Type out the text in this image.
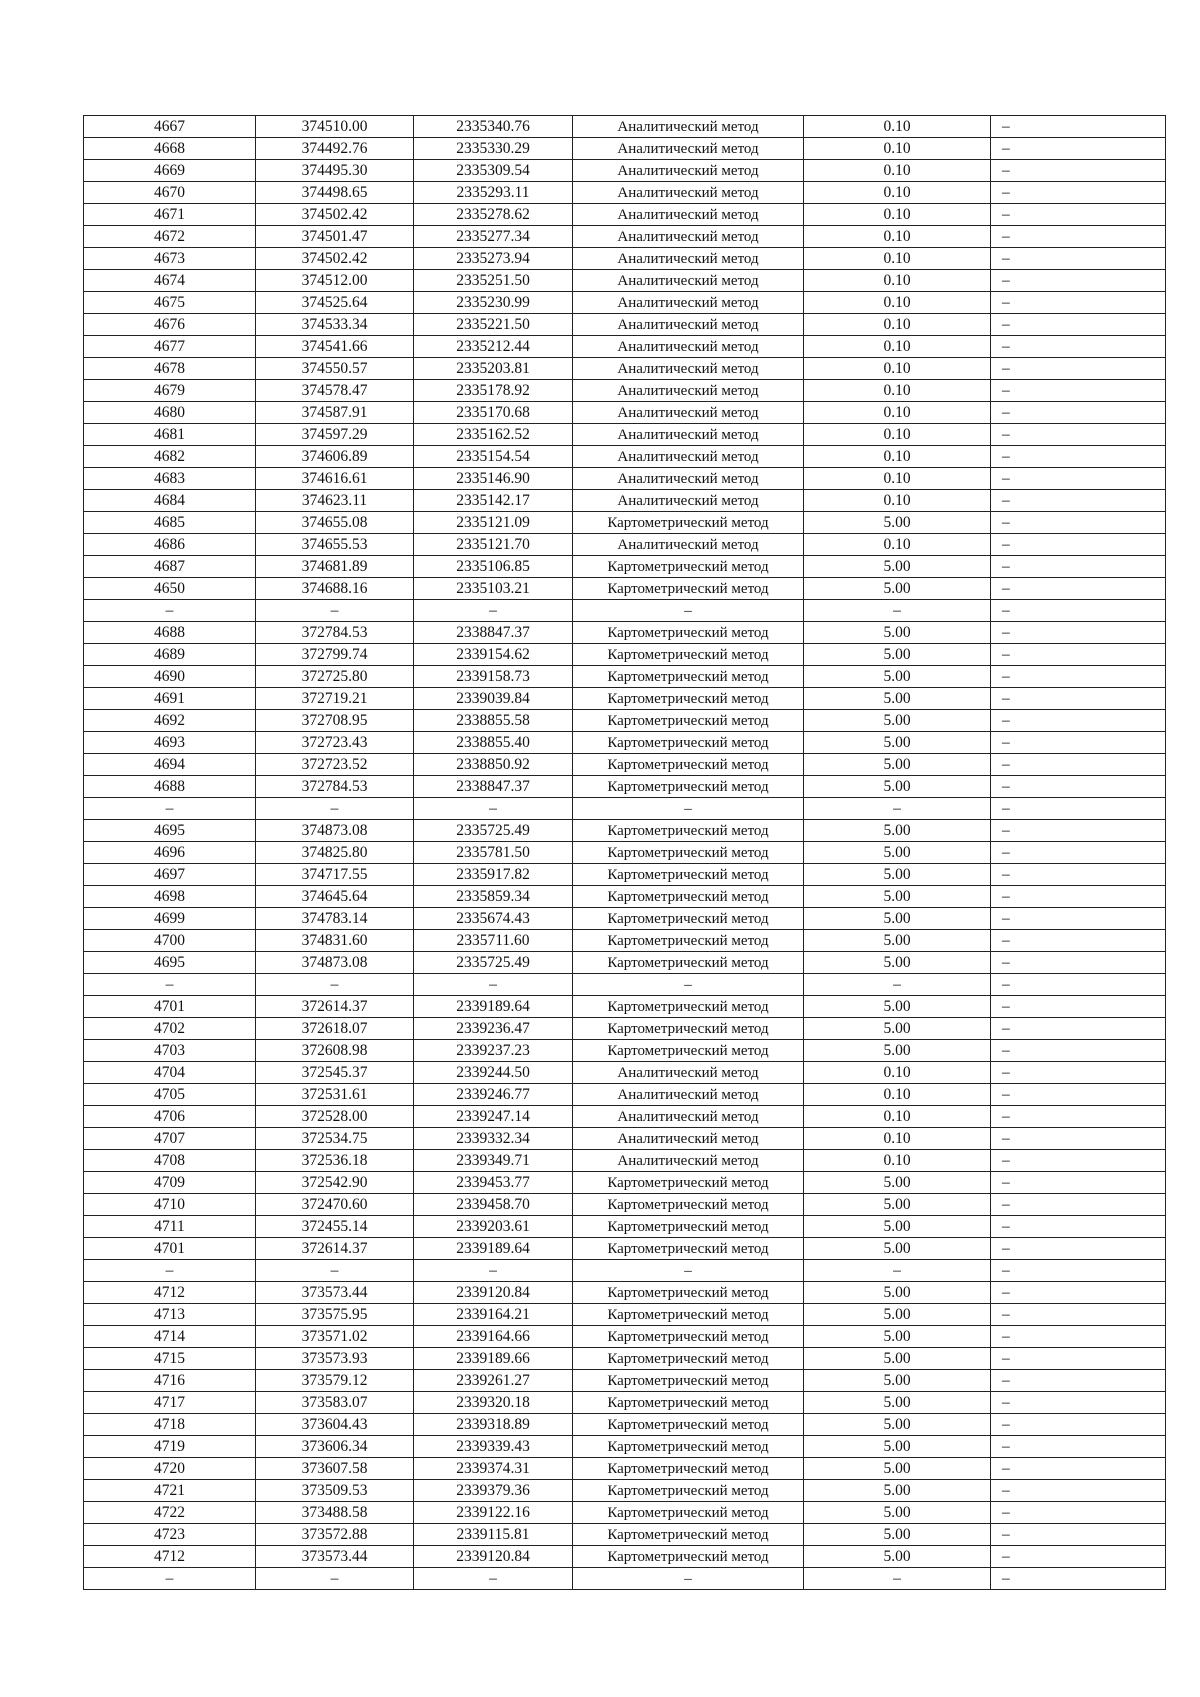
4667	374510.00	2335340.76	Аналитический метод	0.10	–
4668	374492.76	2335330.29	Аналитический метод	0.10	–
4669	374495.30	2335309.54	Аналитический метод	0.10	–
4670	374498.65	2335293.11	Аналитический метод	0.10	–
4671	374502.42	2335278.62	Аналитический метод	0.10	–
4672	374501.47	2335277.34	Аналитический метод	0.10	–
4673	374502.42	2335273.94	Аналитический метод	0.10	–
4674	374512.00	2335251.50	Аналитический метод	0.10	–
4675	374525.64	2335230.99	Аналитический метод	0.10	–
4676	374533.34	2335221.50	Аналитический метод	0.10	–
4677	374541.66	2335212.44	Аналитический метод	0.10	–
4678	374550.57	2335203.81	Аналитический метод	0.10	–
4679	374578.47	2335178.92	Аналитический метод	0.10	–
4680	374587.91	2335170.68	Аналитический метод	0.10	–
4681	374597.29	2335162.52	Аналитический метод	0.10	–
4682	374606.89	2335154.54	Аналитический метод	0.10	–
4683	374616.61	2335146.90	Аналитический метод	0.10	–
4684	374623.11	2335142.17	Аналитический метод	0.10	–
4685	374655.08	2335121.09	Картометрический метод	5.00	–
4686	374655.53	2335121.70	Аналитический метод	0.10	–
4687	374681.89	2335106.85	Картометрический метод	5.00	–
4650	374688.16	2335103.21	Картометрический метод	5.00	–
–	–	–	–	–	–
4688	372784.53	2338847.37	Картометрический метод	5.00	–
4689	372799.74	2339154.62	Картометрический метод	5.00	–
4690	372725.80	2339158.73	Картометрический метод	5.00	–
4691	372719.21	2339039.84	Картометрический метод	5.00	–
4692	372708.95	2338855.58	Картометрический метод	5.00	–
4693	372723.43	2338855.40	Картометрический метод	5.00	–
4694	372723.52	2338850.92	Картометрический метод	5.00	–
4688	372784.53	2338847.37	Картометрический метод	5.00	–
–	–	–	–	–	–
4695	374873.08	2335725.49	Картометрический метод	5.00	–
4696	374825.80	2335781.50	Картометрический метод	5.00	–
4697	374717.55	2335917.82	Картометрический метод	5.00	–
4698	374645.64	2335859.34	Картометрический метод	5.00	–
4699	374783.14	2335674.43	Картометрический метод	5.00	–
4700	374831.60	2335711.60	Картометрический метод	5.00	–
4695	374873.08	2335725.49	Картометрический метод	5.00	–
–	–	–	–	–	–
4701	372614.37	2339189.64	Картометрический метод	5.00	–
4702	372618.07	2339236.47	Картометрический метод	5.00	–
4703	372608.98	2339237.23	Картометрический метод	5.00	–
4704	372545.37	2339244.50	Аналитический метод	0.10	–
4705	372531.61	2339246.77	Аналитический метод	0.10	–
4706	372528.00	2339247.14	Аналитический метод	0.10	–
4707	372534.75	2339332.34	Аналитический метод	0.10	–
4708	372536.18	2339349.71	Аналитический метод	0.10	–
4709	372542.90	2339453.77	Картометрический метод	5.00	–
4710	372470.60	2339458.70	Картометрический метод	5.00	–
4711	372455.14	2339203.61	Картометрический метод	5.00	–
4701	372614.37	2339189.64	Картометрический метод	5.00	–
–	–	–	–	–	–
4712	373573.44	2339120.84	Картометрический метод	5.00	–
4713	373575.95	2339164.21	Картометрический метод	5.00	–
4714	373571.02	2339164.66	Картометрический метод	5.00	–
4715	373573.93	2339189.66	Картометрический метод	5.00	–
4716	373579.12	2339261.27	Картометрический метод	5.00	–
4717	373583.07	2339320.18	Картометрический метод	5.00	–
4718	373604.43	2339318.89	Картометрический метод	5.00	–
4719	373606.34	2339339.43	Картометрический метод	5.00	–
4720	373607.58	2339374.31	Картометрический метод	5.00	–
4721	373509.53	2339379.36	Картометрический метод	5.00	–
4722	373488.58	2339122.16	Картометрический метод	5.00	–
4723	373572.88	2339115.81	Картометрический метод	5.00	–
4712	373573.44	2339120.84	Картометрический метод	5.00	–
–	–	–	–	–	–
